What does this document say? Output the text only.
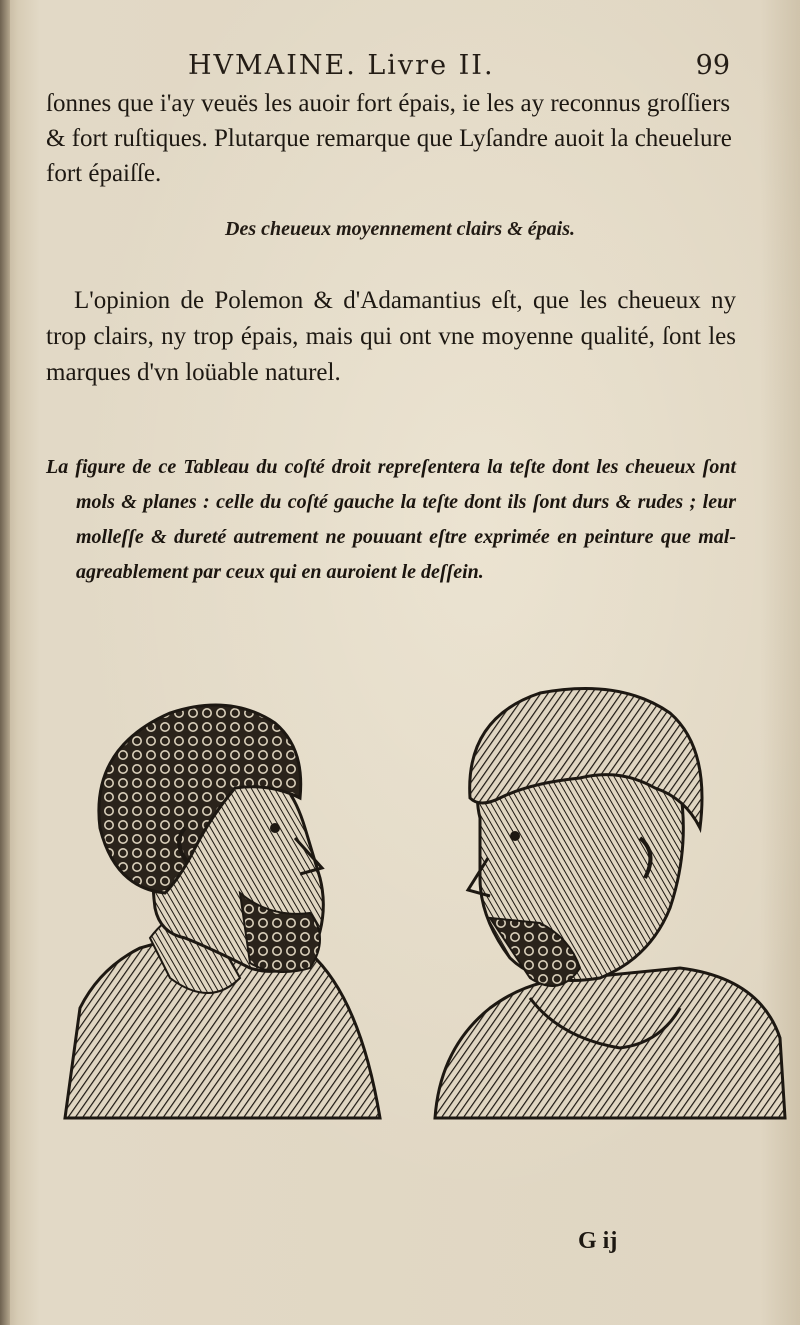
HVMAINE. Livre II.	99

ſonnes que i'ay veuës les auoir fort épais, ie les ay reconnus groſſiers & fort ruſtiques. Plutarque remarque que Lyſandre auoit la cheuelure fort épaiſſe.

Des cheueux moyennement clairs & épais.

L'opinion de Polemon & d'Adamantius eſt, que les cheueux ny trop clairs, ny trop épais, mais qui ont vne moyenne qualité, ſont les marques d'vn loüable naturel.

La figure de ce Tableau du coſté droit repreſentera la teſte dont les cheueux ſont mols & planes : celle du coſté gauche la teſte dont ils ſont durs & rudes ; leur molleſſe & dureté autrement ne pouuant eſtre exprimée en peinture que mal-agreablement par ceux qui en auroient le deſſein.
G ij
